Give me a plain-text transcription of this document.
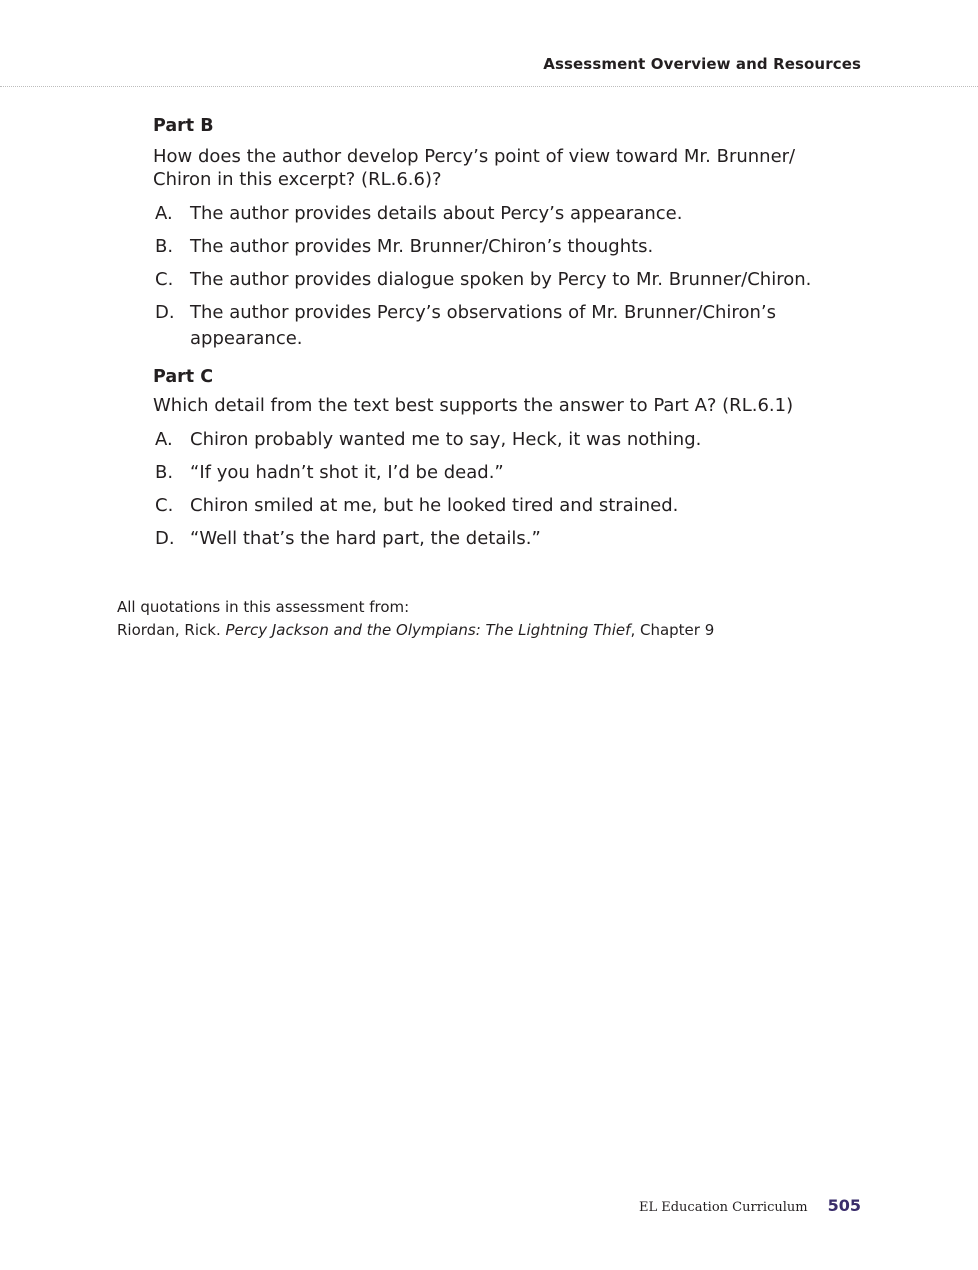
Assessment Overview and Resources
Part B

How does the author develop Percy’s point of view toward Mr. Brunner/ Chiron in this excerpt? (RL.6.6)?

A. The author provides details about Percy’s appearance.
B. The author provides Mr. Brunner/Chiron’s thoughts.
C. The author provides dialogue spoken by Percy to Mr. Brunner/Chiron.
D. The author provides Percy’s observations of Mr. Brunner/Chiron’s appearance.
Part C

Which detail from the text best supports the answer to Part A? (RL.6.1)

A. Chiron probably wanted me to say, Heck, it was nothing.
B. “If you hadn’t shot it, I’d be dead.”
C. Chiron smiled at me, but he looked tired and strained.
D. “Well that’s the hard part, the details.”
All quotations in this assessment from:
Riordan, Rick. Percy Jackson and the Olympians: The Lightning Thief, Chapter 9
EL Education Curriculum 505
